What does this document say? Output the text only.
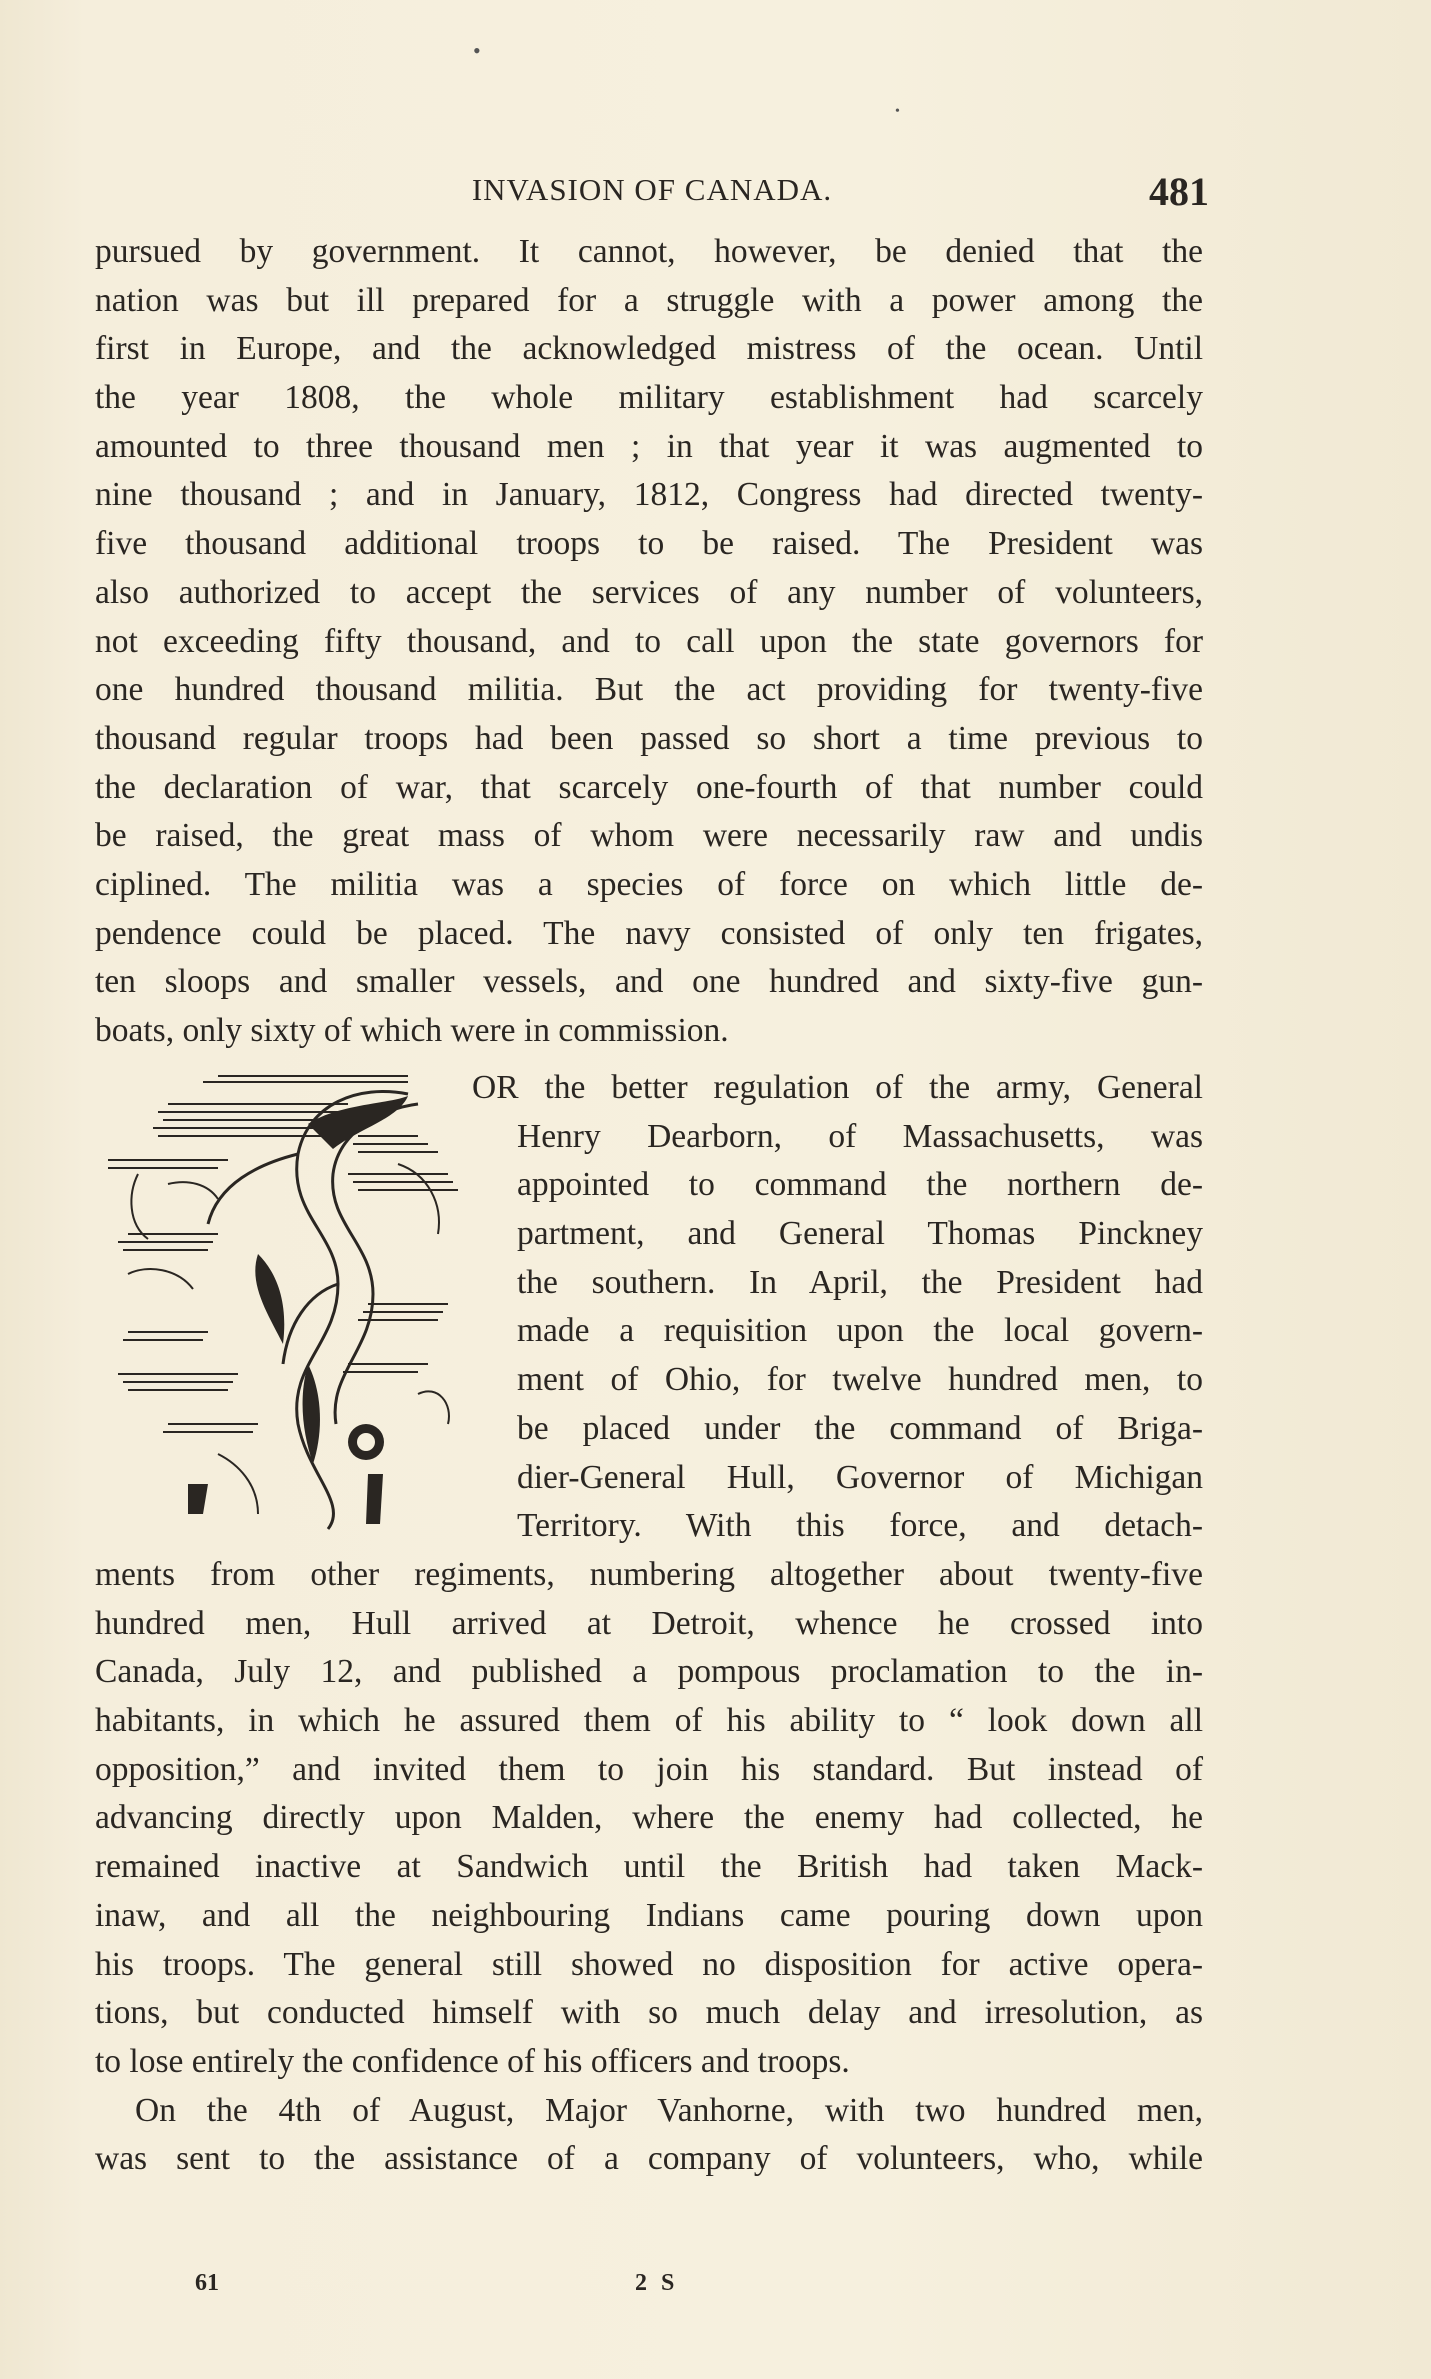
•
•
INVASION OF CANADA.	481
pursued by government. It cannot, however, be denied that the
nation was but ill prepared for a struggle with a power among the
first in Europe, and the acknowledged mistress of the ocean. Until
the year 1808, the whole military establishment had scarcely
amounted to three thousand men ; in that year it was augmented to
nine thousand ; and in January, 1812, Congress had directed twenty-
five thousand additional troops to be raised. The President was
also authorized to accept the services of any number of volunteers,
not exceeding fifty thousand, and to call upon the state governors for
one hundred thousand militia. But the act providing for twenty-five
thousand regular troops had been passed so short a time previous to
the declaration of war, that scarcely one-fourth of that number could
be raised, the great mass of whom were necessarily raw and undis
ciplined. The militia was a species of force on which little de-
pendence could be placed. The navy consisted of only ten frigates,
ten sloops and smaller vessels, and one hundred and sixty-five gun-
boats, only sixty of which were in commission.
OR the better regulation of the army, General
Henry Dearborn, of Massachusetts, was
appointed to command the northern de-
partment, and General Thomas Pinckney
the southern. In April, the President had
made a requisition upon the local govern-
ment of Ohio, for twelve hundred men, to
be placed under the command of Briga-
dier-General Hull, Governor of Michigan
Territory. With this force, and detach-
ments from other regiments, numbering altogether about twenty-five
hundred men, Hull arrived at Detroit, whence he crossed into
Canada, July 12, and published a pompous proclamation to the in-
habitants, in which he assured them of his ability to “ look down all
opposition,” and invited them to join his standard. But instead of
advancing directly upon Malden, where the enemy had collected, he
remained inactive at Sandwich until the British had taken Mack-
inaw, and all the neighbouring Indians came pouring down upon
his troops. The general still showed no disposition for active opera-
tions, but conducted himself with so much delay and irresolution, as
to lose entirely the confidence of his officers and troops.
On the 4th of August, Major Vanhorne, with two hundred men,
was sent to the assistance of a company of volunteers, who, while
61	2 S
